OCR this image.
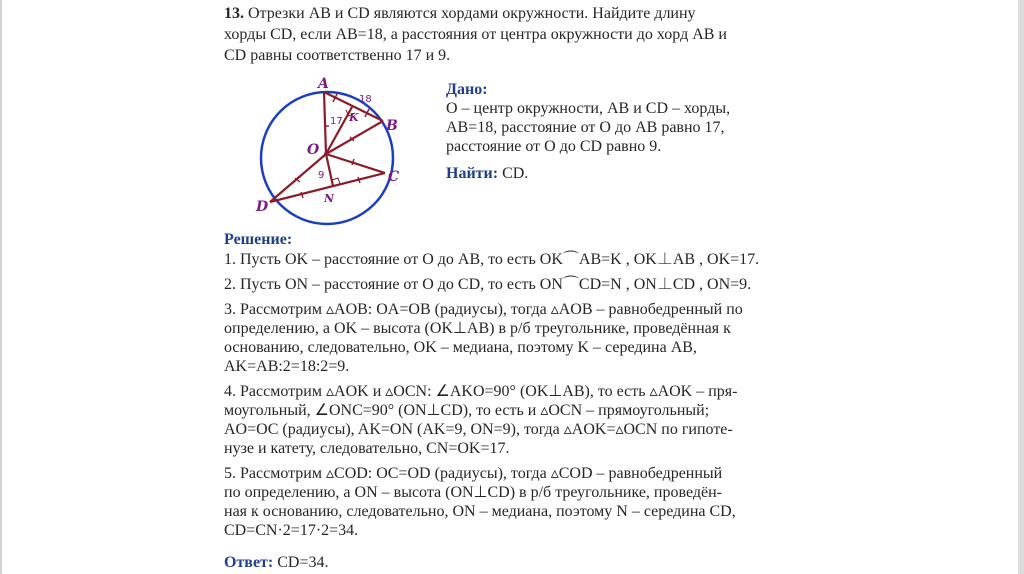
13. Отрезки AB и CD являются хордами окружности. Найдите длину

хорды CD, если AB=18, а расстояния от центра окружности до хорд AB и

CD равны соответственно 17 и 9.

A
B
C
D
O
K
N
17
9
18

Дано:

О – центр окружности, AB и CD – хорды,

AB=18, расстояние от О до AB равно 17,

расстояние от О до CD равно 9.

Найти: CD.

Решение:

1. Пусть OK – расстояние от O до AB, то есть OK⌒AB=K , OK⊥AB , OK=17.

2. Пусть ON – расстояние от O до CD, то есть ON⌒CD=N , ON⊥CD , ON=9.

3. Рассмотрим ▵AOB: OA=OB (радиусы), тогда ▵AOB – равнобедренный по
определению, а OK – высота (OK⊥AB) в р/б треугольнике, проведённая к
основанию, следовательно, OK – медиана, поэтому K – середина AB,
AK=AB:2=18:2=9.

4. Рассмотрим ▵AOK и ▵OCN: ∠AKO=90° (OK⊥AB), то есть ▵AOK – пря-
моугольный, ∠ONC=90° (ON⊥CD), то есть и ▵OCN – прямоугольный;
AO=OC (радиусы), AK=ON (AK=9, ON=9), тогда ▵AOK=▵OCN по гипоте-
нузе и катету, следовательно, CN=OK=17.

5. Рассмотрим ▵COD: OC=OD (радиусы), тогда ▵COD – равнобедренный
по определению, а ON – высота (ON⊥CD) в р/б треугольнике, проведён-
ная к основанию, следовательно, ON – медиана, поэтому N – середина CD,
CD=CN·2=17·2=34.

Ответ: CD=34.
